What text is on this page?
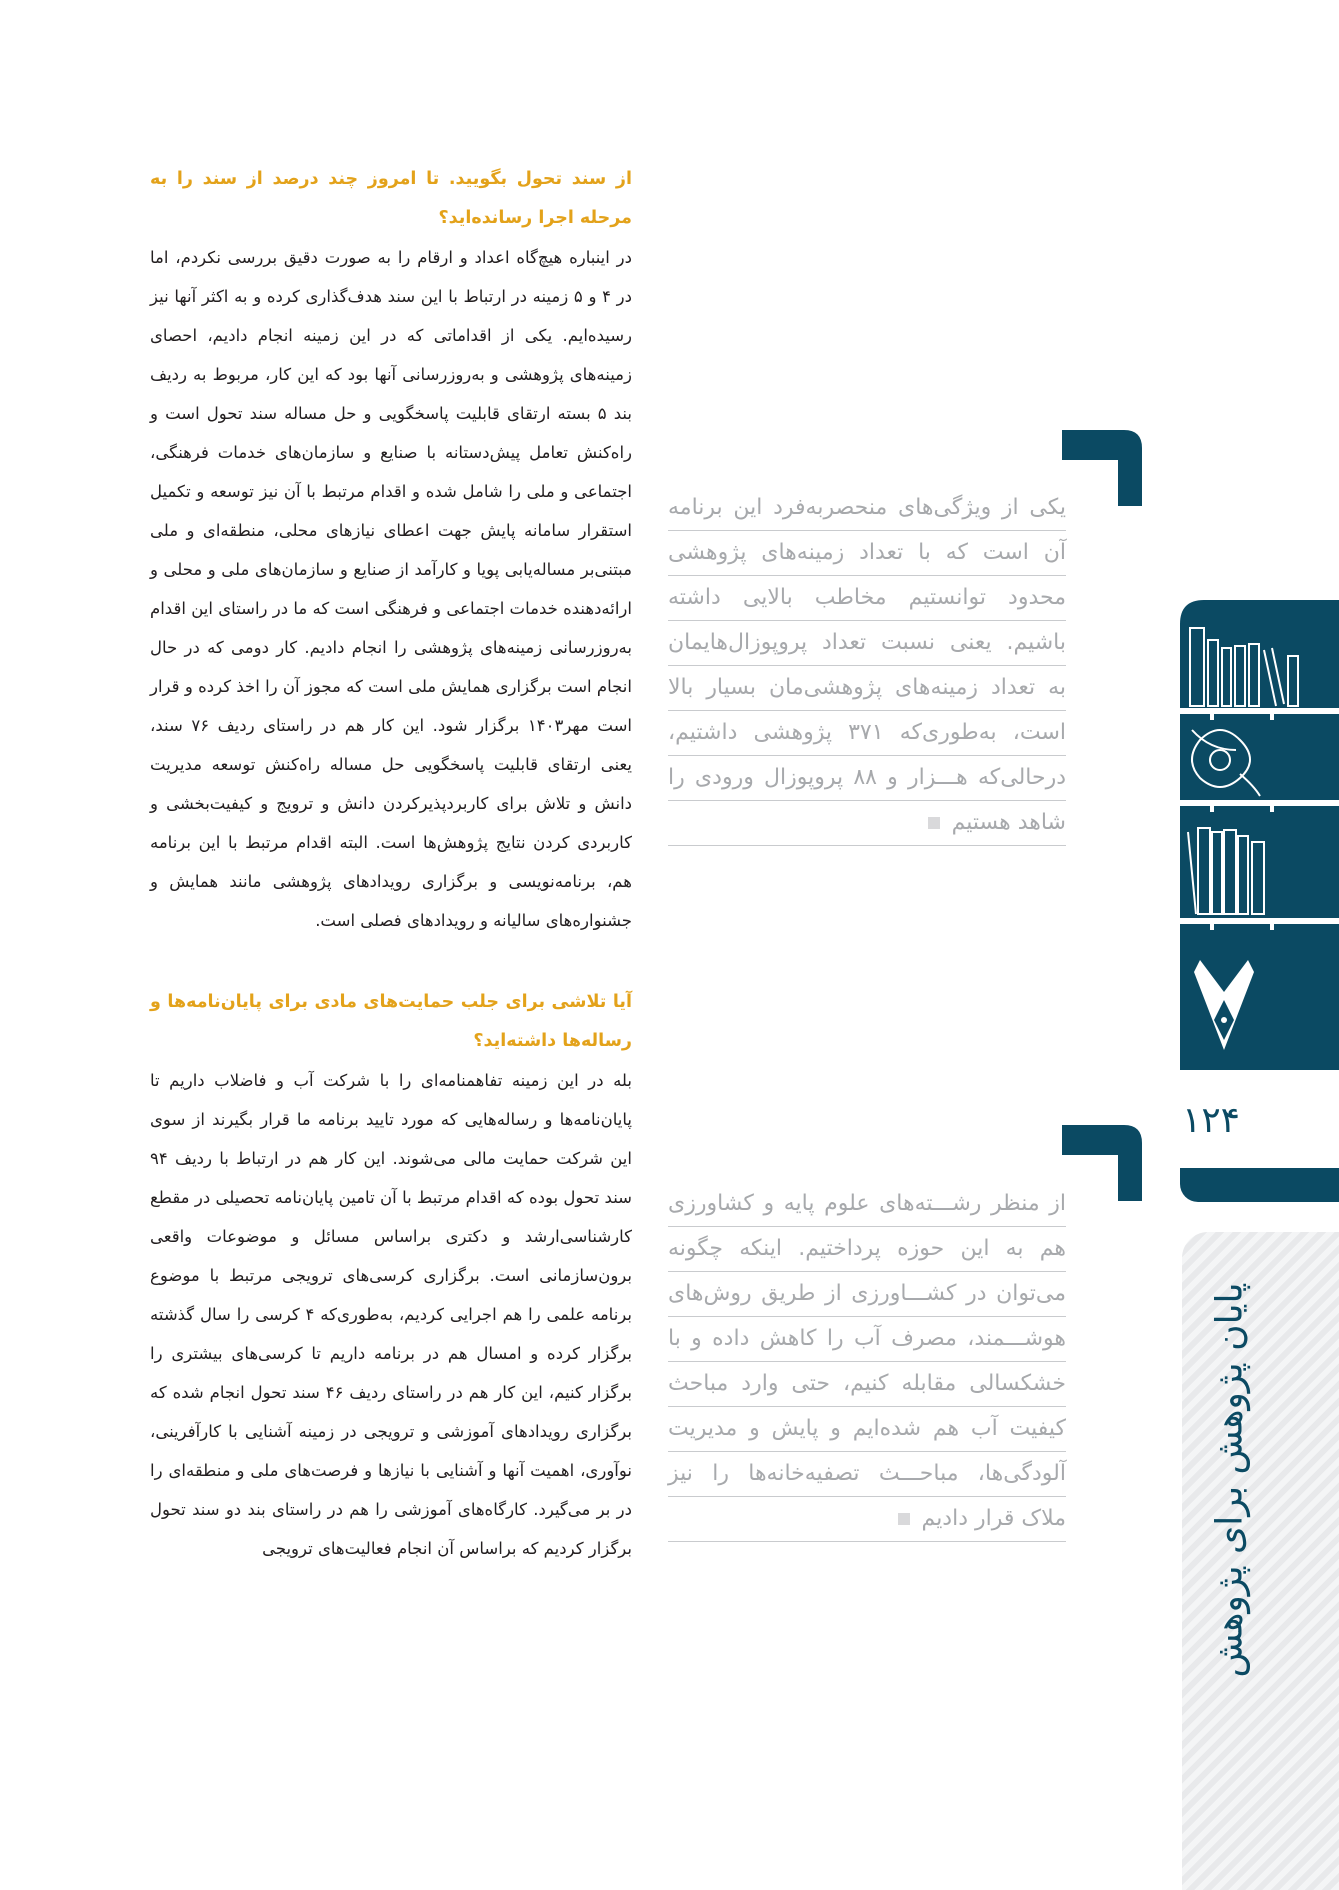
از سند تحول بگویید. تا امروز چند درصد از سند را به مرحله اجرا رسانده‌اید؟

در اینباره هیچ‌گاه اعداد و ارقام را به صورت دقیق بررسی نکردم، اما در ۴ و ۵ زمینه در ارتباط با این سند هدف‌گذاری کرده و به اکثر آنها نیز رسیده‌ایم. یکی از اقداماتی که در این زمینه انجام دادیم، احصای زمینه‌های پژوهشی و به‌روزرسانی آنها بود که این کار، مربوط به ردیف بند ۵ بسته ارتقای قابلیت پاسخگویی و حل مساله سند تحول است و راه‌کنش تعامل پیش‌دستانه با صنایع و سازمان‌های خدمات فرهنگی، اجتماعی و ملی را شامل شده و اقدام مرتبط با آن نیز توسعه و تکمیل استقرار سامانه پایش جهت اعطای نیازهای محلی، منطقه‌ای و ملی مبتنی‌بر مساله‌یابی پویا و کارآمد از صنایع و سازمان‌های ملی و محلی و ارائه‌دهنده خدمات اجتماعی و فرهنگی است که ما در راستای این اقدام به‌روزرسانی زمینه‌های پژوهشی را انجام دادیم. کار دومی که در حال انجام است برگزاری همایش ملی است که مجوز آن را اخذ کرده و قرار است مهر۱۴۰۳ برگزار شود. این کار هم در راستای ردیف ۷۶ سند، یعنی ارتقای قابلیت پاسخگویی حل مساله راه‌کنش توسعه مدیریت دانش و تلاش برای کاربردپذیرکردن دانش و ترویج و کیفیت‌بخشی و کاربردی کردن نتایج پژوهش‌ها است. البته اقدام مرتبط با این برنامه هم، برنامه‌نویسی و برگزاری رویدادهای پژوهشی مانند همایش و جشنواره‌های سالیانه و رویدادهای فصلی است.

آیا تلاشی برای جلب حمایت‌های مادی برای پایان‌نامه‌ها و رساله‌ها داشته‌اید؟

بله در این زمینه تفاهمنامه‌ای را با شرکت آب و فاضلاب داریم تا پایان‌نامه‌ها و رساله‌هایی که مورد تایید برنامه ما قرار بگیرند از سوی این شرکت حمایت مالی می‌شوند. این کار هم در ارتباط با ردیف ۹۴ سند تحول بوده که اقدام مرتبط با آن تامین پایان‌نامه تحصیلی در مقطع کارشناسی‌ارشد و دکتری براساس مسائل و موضوعات واقعی برون‌سازمانی است. برگزاری کرسی‌های ترویجی مرتبط با موضوع برنامه علمی را هم اجرایی کردیم، به‌طوری‌که ۴ کرسی را سال گذشته برگزار کرده و امسال هم در برنامه داریم تا کرسی‌های بیشتری را برگزار کنیم، این کار هم در راستای ردیف ۴۶ سند تحول انجام شده که برگزاری رویدادهای آموزشی و ترویجی در زمینه آشنایی با کارآفرینی، نوآوری، اهمیت آنها و آشنایی با نیازها و فرصت‌های ملی و منطقه‌ای را در بر می‌گیرد. کارگاه‌های آموزشی را هم در راستای بند دو سند تحول برگزار کردیم که براساس آن انجام فعالیت‌های ترویجی

یکی از ویژگی‌های منحصربه‌فرد این برنامه
آن است که با تعداد زمینه‌های پژوهشی
محدود توانستیم مخاطب بالایی داشته
باشیم. یعنی نسبت تعداد پروپوزال‌هایمان
به تعداد زمینه‌های پژوهشی‌مان بسیار بالا
است، به‌طوری‌که ۳۷۱ پژوهشی داشتیم،
درحالی‌که هـــزار و ۸۸ پروپوزال ورودی را
شاهد هستیم
از منظر رشـــته‌های علوم پایه و کشاورزی
هم به این حوزه پرداختیم. اینکه چگونه
می‌توان در کشـــاورزی از طریق روش‌های
هوشـــمند، مصرف آب را کاهش داده و با
خشکسالی مقابله کنیم، حتی وارد مباحث
کیفیت آب هم شده‌ایم و پایش و مدیریت
آلودگی‌ها، مباحـــث تصفیه‌خانه‌ها را نیز
ملاک قرار دادیم
۱۲۴
پایان پژوهش برای پژوهش
